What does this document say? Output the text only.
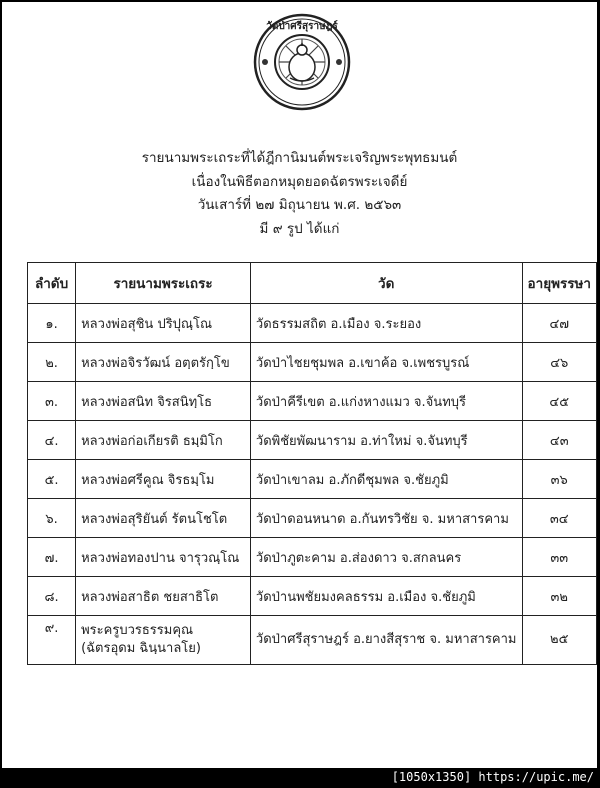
วัดป่าศรีสุราษฎร์
รายนามพระเถระที่ได้ฎีกานิมนต์พระเจริญพระพุทธมนต์
เนื่องในพิธีตอกหมุดยอดฉัตรพระเจดีย์
วันเสาร์ที่ ๒๗ มิถุนายน พ.ศ. ๒๕๖๓
มี ๙ รูป ได้แก่
ลำดับ	รายนามพระเถระ	วัด	อายุพรรษา
๑.	หลวงพ่อสุชิน ปริปุณฺโณ	วัดธรรมสถิต อ.เมือง จ.ระยอง	๔๗
๒.	หลวงพ่อจิรวัฒน์ อตฺตรักฺโข	วัดป่าไชยชุมพล อ.เขาค้อ จ.เพชรบูรณ์	๔๖
๓.	หลวงพ่อสนิท จิรสนิทฺโธ	วัดป่าคีรีเขต อ.แก่งหางแมว จ.จันทบุรี	๔๕
๔.	หลวงพ่อก่อเกียรติ ธมฺมิโก	วัดพิชัยพัฒนาราม อ.ท่าใหม่ จ.จันทบุรี	๔๓
๕.	หลวงพ่อศรีคูณ จิรธมฺโม	วัดป่าเขาลม อ.ภักดีชุมพล จ.ชัยภูมิ	๓๖
๖.	หลวงพ่อสุริยันต์ รัตนโชโต	วัดป่าดอนหนาด อ.กันทรวิชัย จ. มหาสารคาม	๓๔
๗.	หลวงพ่อทองปาน จารุวณฺโณ	วัดป่าภูตะคาม อ.ส่องดาว จ.สกลนคร	๓๓
๘.	หลวงพ่อสาธิต ชยสาธิโต	วัดป่านพชัยมงคลธรรม อ.เมือง จ.ชัยภูมิ	๓๒
๙.	พระครูบวรธรรมคุณ
(ฉัตรอุดม ฉินฺนาลโย)	วัดป่าศรีสุราษฎร์ อ.ยางสีสุราช จ. มหาสารคาม	๒๕
[1050x1350] https://upic.me/
